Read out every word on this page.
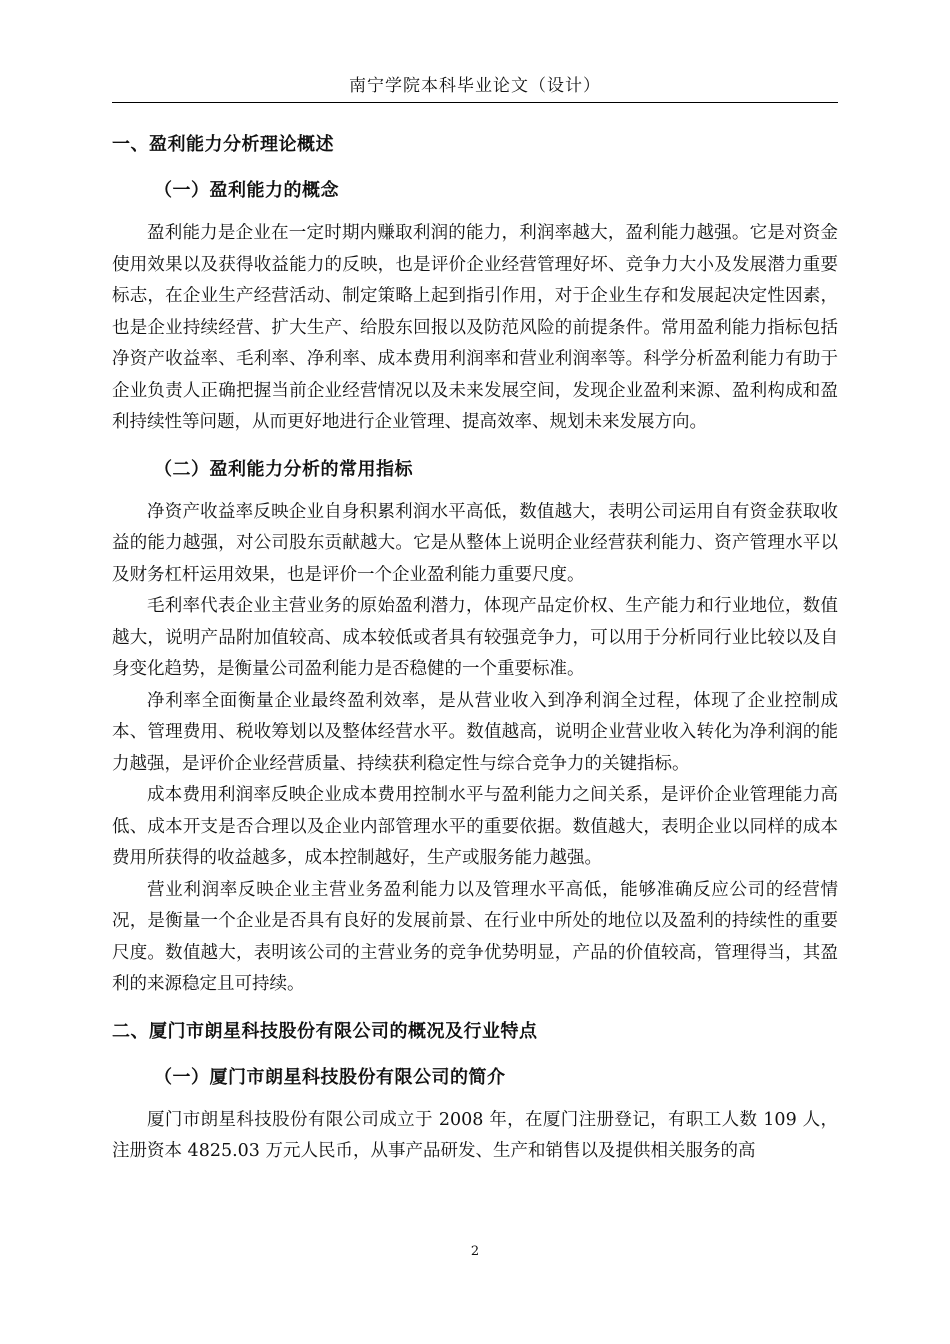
南宁学院本科毕业论文（设计）
一、盈利能力分析理论概述
（一）盈利能力的概念

盈利能力是企业在一定时期内赚取利润的能力，利润率越大，盈利能力越强。它是对资金使用效果以及获得收益能力的反映，也是评价企业经营管理好坏、竞争力大小及发展潜力重要标志，在企业生产经营活动、制定策略上起到指引作用，对于企业生存和发展起决定性因素，也是企业持续经营、扩大生产、给股东回报以及防范风险的前提条件。常用盈利能力指标包括净资产收益率、毛利率、净利率、成本费用利润率和营业利润率等。科学分析盈利能力有助于企业负责人正确把握当前企业经营情况以及未来发展空间，发现企业盈利来源、盈利构成和盈利持续性等问题，从而更好地进行企业管理、提高效率、规划未来发展方向。

（二）盈利能力分析的常用指标

净资产收益率反映企业自身积累利润水平高低，数值越大，表明公司运用自有资金获取收益的能力越强，对公司股东贡献越大。它是从整体上说明企业经营获利能力、资产管理水平以及财务杠杆运用效果，也是评价一个企业盈利能力重要尺度。

毛利率代表企业主营业务的原始盈利潜力，体现产品定价权、生产能力和行业地位，数值越大，说明产品附加值较高、成本较低或者具有较强竞争力，可以用于分析同行业比较以及自身变化趋势，是衡量公司盈利能力是否稳健的一个重要标准。

净利率全面衡量企业最终盈利效率，是从营业收入到净利润全过程，体现了企业控制成本、管理费用、税收筹划以及整体经营水平。数值越高，说明企业营业收入转化为净利润的能力越强，是评价企业经营质量、持续获利稳定性与综合竞争力的关键指标。

成本费用利润率反映企业成本费用控制水平与盈利能力之间关系，是评价企业管理能力高低、成本开支是否合理以及企业内部管理水平的重要依据。数值越大，表明企业以同样的成本费用所获得的收益越多，成本控制越好，生产或服务能力越强。

营业利润率反映企业主营业务盈利能力以及管理水平高低，能够准确反应公司的经营情况，是衡量一个企业是否具有良好的发展前景、在行业中所处的地位以及盈利的持续性的重要尺度。数值越大，表明该公司的主营业务的竞争优势明显，产品的价值较高，管理得当，其盈利的来源稳定且可持续。

二、厦门市朗星科技股份有限公司的概况及行业特点
（一）厦门市朗星科技股份有限公司的简介

厦门市朗星科技股份有限公司成立于 2008 年，在厦门注册登记，有职工人数 109 人，注册资本 4825.03 万元人民币，从事产品研发、生产和销售以及提供相关服务的高

2
